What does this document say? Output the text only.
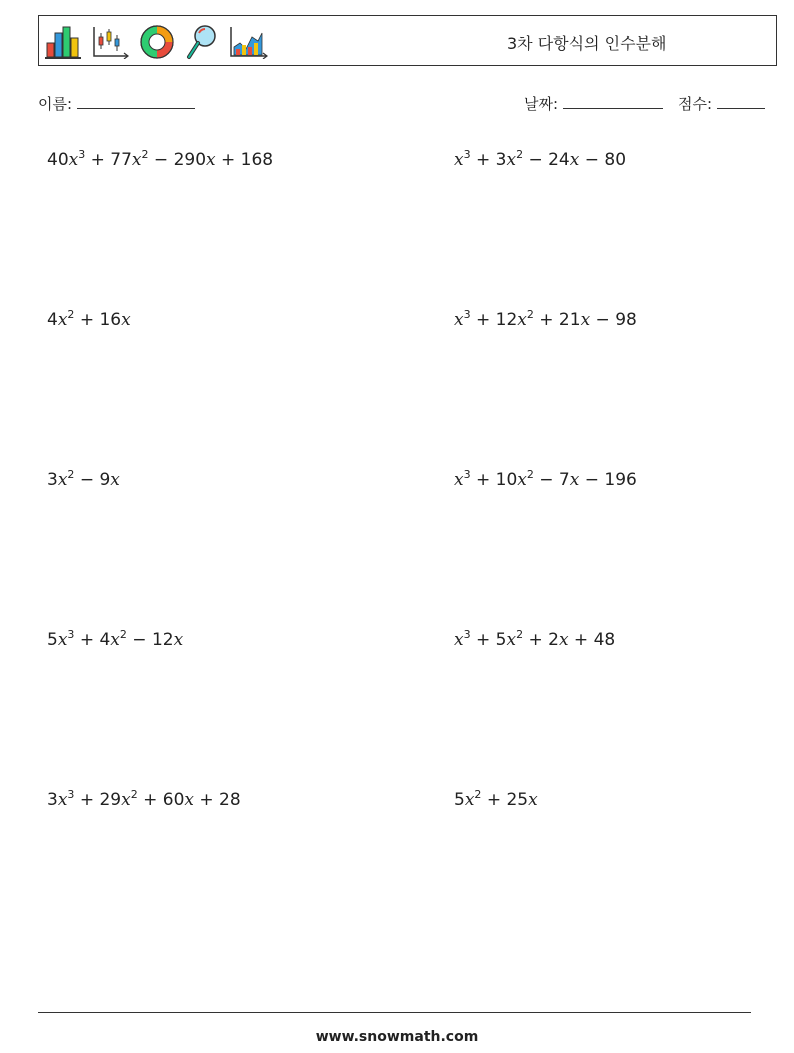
3차 다항식의 인수분해
이름:	날짜:	점수:
$40x^3 + 77x^2 - 290x + 168$	$x^3 + 3x^2 - 24x - 80$
$4x^2 + 16x$	$x^3 + 12x^2 + 21x - 98$
$3x^2 - 9x$	$x^3 + 10x^2 - 7x - 196$
$5x^3 + 4x^2 - 12x$	$x^3 + 5x^2 + 2x + 48$
$3x^3 + 29x^2 + 60x + 28$	$5x^2 + 25x$
www.snowmath.com
